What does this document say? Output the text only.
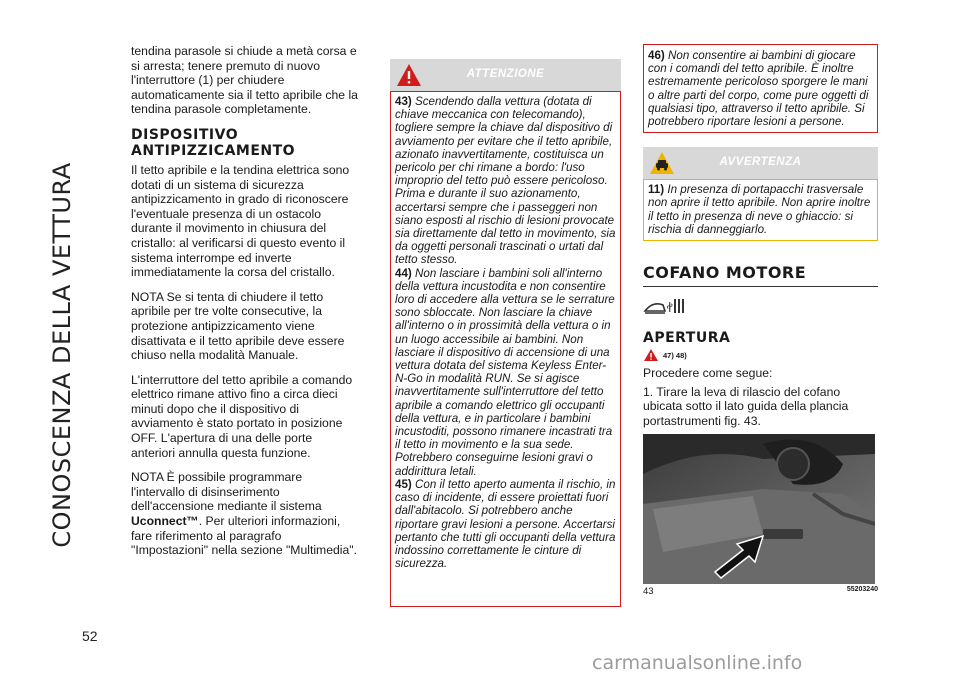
CONOSCENZA DELLA VETTURA
52

tendina parasole si chiude a metà corsa e si arresta; tenere premuto di nuovo l'interruttore (1) per chiudere automaticamente sia il tetto apribile che la tendina parasole completamente.

DISPOSITIVO ANTIPIZZICAMENTO

Il tetto apribile e la tendina elettrica sono dotati di un sistema di sicurezza antipizzicamento in grado di riconoscere l'eventuale presenza di un ostacolo durante il movimento in chiusura del cristallo: al verificarsi di questo evento il sistema interrompe ed inverte immediatamente la corsa del cristallo.

NOTA Se si tenta di chiudere il tetto apribile per tre volte consecutive, la protezione antipizzicamento viene disattivata e il tetto apribile deve essere chiuso nella modalità Manuale.

L'interruttore del tetto apribile a comando elettrico rimane attivo fino a circa dieci minuti dopo che il dispositivo di avviamento è stato portato in posizione OFF. L'apertura di una delle porte anteriori annulla questa funzione.

NOTA È possibile programmare l'intervallo di disinserimento dell'accensione mediante il sistema Uconnect™. Per ulteriori informazioni, fare riferimento al paragrafo "Impostazioni" nella sezione "Multimedia".

ATTENZIONE

43) Scendendo dalla vettura (dotata di chiave meccanica con telecomando), togliere sempre la chiave dal dispositivo di avviamento per evitare che il tetto apribile, azionato inavvertitamente, costituisca un pericolo per chi rimane a bordo: l'uso improprio del tetto può essere pericoloso. Prima e durante il suo azionamento, accertarsi sempre che i passeggeri non siano esposti al rischio di lesioni provocate sia direttamente dal tetto in movimento, sia da oggetti personali trascinati o urtati dal tetto stesso.

44) Non lasciare i bambini soli all'interno della vettura incustodita e non consentire loro di accedere alla vettura se le serrature sono sbloccate. Non lasciare la chiave all'interno o in prossimità della vettura o in un luogo accessibile ai bambini. Non lasciare il dispositivo di accensione di una vettura dotata del sistema Keyless Enter-N-Go in modalità RUN. Se si agisce inavvertitamente sull'interruttore del tetto apribile a comando elettrico gli occupanti della vettura, e in particolare i bambini incustoditi, possono rimanere incastrati tra il tetto in movimento e la sua sede. Potrebbero conseguirne lesioni gravi o addirittura letali.

45) Con il tetto aperto aumenta il rischio, in caso di incidente, di essere proiettati fuori dall'abitacolo. Si potrebbero anche riportare gravi lesioni a persone. Accertarsi pertanto che tutti gli occupanti della vettura indossino correttamente le cinture di sicurezza.

46) Non consentire ai bambini di giocare con i comandi del tetto apribile. È inoltre estremamente pericoloso sporgere le mani o altre parti del corpo, come pure oggetti di qualsiasi tipo, attraverso il tetto apribile. Si potrebbero riportare lesioni a persone.

AVVERTENZA

11) In presenza di portapacchi trasversale non aprire il tetto apribile. Non aprire inoltre il tetto in presenza di neve o ghiaccio: si rischia di danneggiarlo.

COFANO MOTORE
ꬷ

APERTURA

47) 48)

Procedere come segue:

1. Tirare la leva di rilascio del cofano ubicata sotto il lato guida della plancia portastrumenti fig. 43.

43	55203240
carmanualsonline.info
